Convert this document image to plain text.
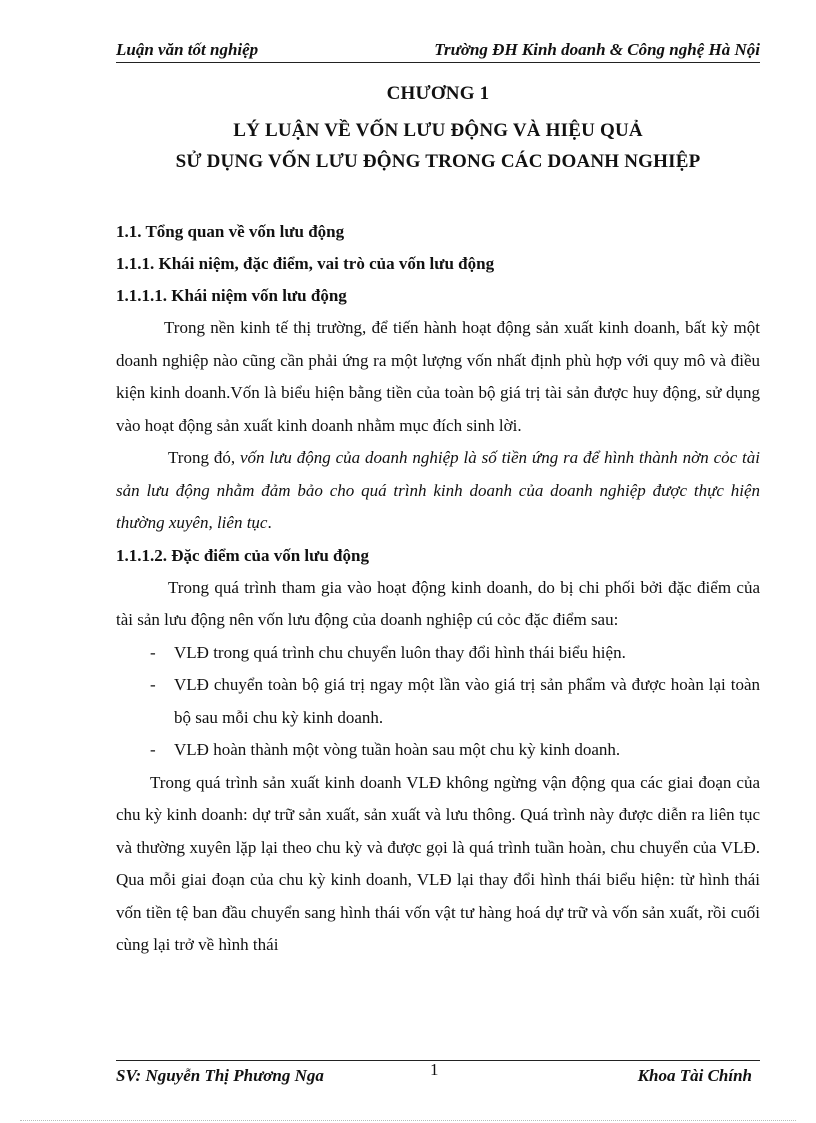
Luận văn tốt nghiệp	Trường ĐH Kinh doanh & Công nghệ Hà Nội
CHƯƠNG 1
LÝ LUẬN VỀ VỐN LƯU ĐỘNG VÀ HIỆU QUẢ
SỬ DỤNG VỐN LƯU ĐỘNG TRONG CÁC DOANH NGHIỆP
1.1. Tổng quan về vốn lưu động
1.1.1. Khái niệm, đặc điểm, vai trò của vốn lưu động
1.1.1.1. Khái niệm vốn lưu động

Trong nền kinh tế thị trường, để tiến hành hoạt động sản xuất kinh doanh, bất kỳ một doanh nghiệp nào cũng cần phải ứng ra một lượng vốn nhất định phù hợp với quy mô và điều kiện kinh doanh.Vốn là biểu hiện bằng tiền của toàn bộ giá trị tài sản được huy động, sử dụng vào hoạt động sản xuất kinh doanh nhằm mục đích sinh lời.

Trong đó, vốn lưu động của doanh nghiệp là số tiền ứng ra để hình thành nờn cỏc tài sản lưu động nhằm đảm bảo cho quá trình kinh doanh của doanh nghiệp được thực hiện thường xuyên, liên tục.

1.1.1.2. Đặc điểm của vốn lưu động

Trong quá trình tham gia vào hoạt động kinh doanh, do bị chi phối bởi đặc điểm của tài sản lưu động nên vốn lưu động của doanh nghiệp cú cỏc đặc điểm sau:

- VLĐ trong quá trình chu chuyển luôn thay đổi hình thái biểu hiện.
- VLĐ chuyển toàn bộ giá trị ngay một lần vào giá trị sản phẩm và được hoàn lại toàn bộ sau mỗi chu kỳ kinh doanh.
- VLĐ hoàn thành một vòng tuần hoàn sau một chu kỳ kinh doanh.

Trong quá trình sản xuất kinh doanh VLĐ không ngừng vận động qua các giai đoạn của chu kỳ kinh doanh: dự trữ sản xuất, sản xuất và lưu thông. Quá trình này được diễn ra liên tục và thường xuyên lặp lại theo chu kỳ và được gọi là quá trình tuần hoàn, chu chuyển của VLĐ. Qua mỗi giai đoạn của chu kỳ kinh doanh, VLĐ lại thay đổi hình thái biểu hiện: từ hình thái vốn tiền tệ ban đầu chuyển sang hình thái vốn vật tư hàng hoá dự trữ và vốn sản xuất, rồi cuối cùng lại trở về hình thái

SV: Nguyễn Thị Phương Nga	1	Khoa Tài Chính
